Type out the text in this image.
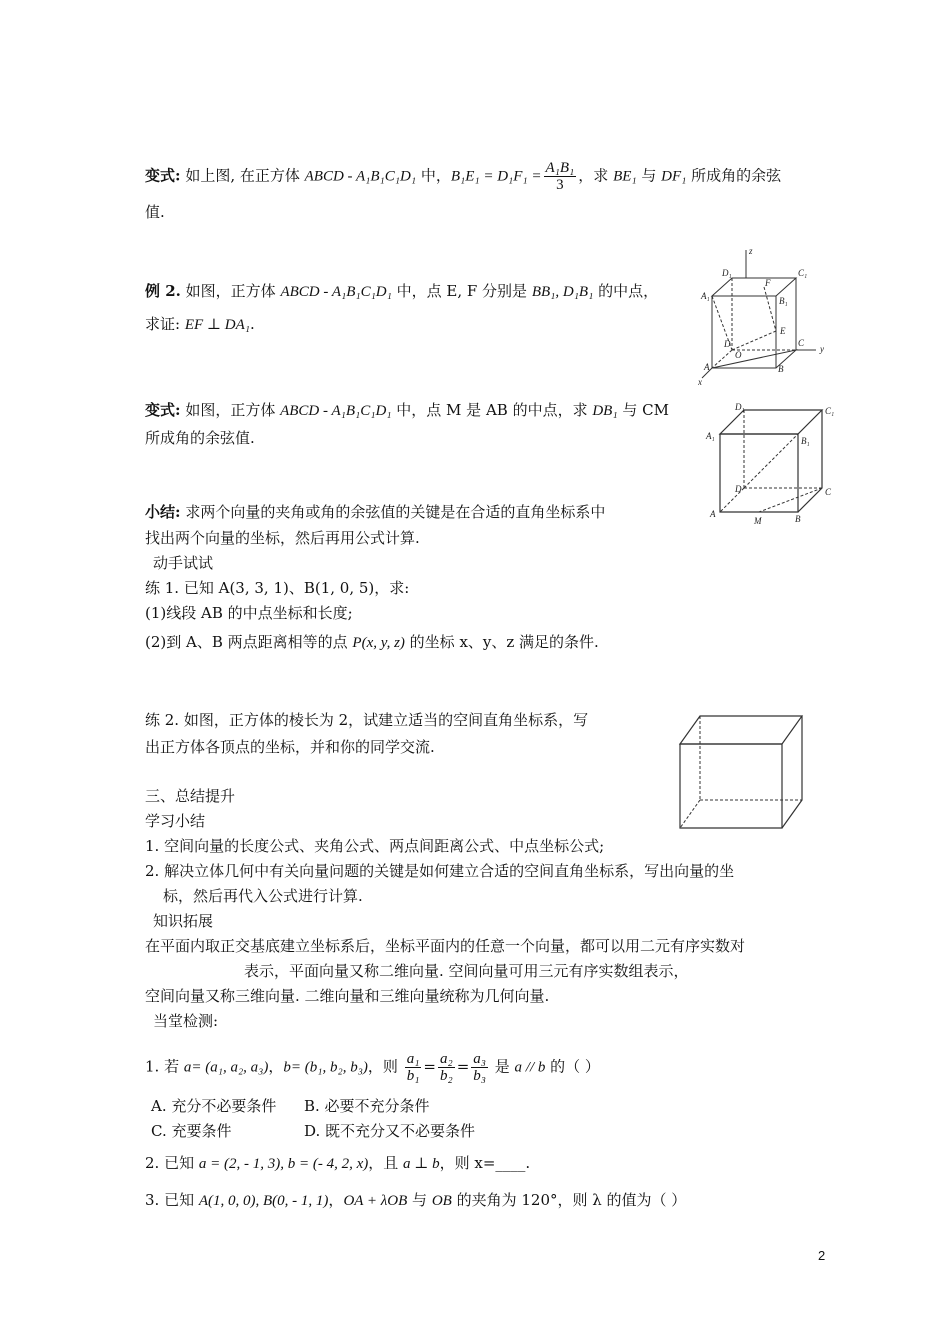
变式: 如上图, 在正方体 ABCD - A₁B₁C₁D₁ 中，$B_1E_1 = D_1F_1 = \frac{\text{A₁B₁}}{3}$ ，求 BE₁ 与 DF₁ 所成角的余弦
值.
例 2. 如图，正方体 ABCD - A₁B₁C₁D₁ 中，点 E, F 分别是 BB₁, D₁B₁ 的中点，
求证: EF ⊥ DA₁.
z
D₁	C₁
A₁	B₁
F
E
D
O
C
y
A	B
x
变式: 如图，正方体 ABCD - A₁B₁C₁D₁ 中，点 M 是 AB 的中点，求 DB₁ 与 CM
所成角的余弦值.
D₁	C₁
A₁	B₁
D	C
A
M	B
小结: 求两个向量的夹角或角的余弦值的关键是在合适的直角坐标系中
找出两个向量的坐标，然后再用公式计算.
动手试试
练 1. 已知 A(3, 3, 1)、B(1, 0, 5)，求:
(1)线段 AB 的中点坐标和长度;
(2)到 A、B 两点距离相等的点 P(x, y, z) 的坐标 x、y、z 满足的条件.
练 2. 如图，正方体的棱长为 2，试建立适当的空间直角坐标系，写
出正方体各顶点的坐标，并和你的同学交流.
三、总结提升
学习小结
1. 空间向量的长度公式、夹角公式、两点间距离公式、中点坐标公式;
2. 解决立体几何中有关向量问题的关键是如何建立合适的空间直角坐标系，写出向量的坐
标，然后再代入公式进行计算.
知识拓展
在平面内取正交基底建立坐标系后，坐标平面内的任意一个向量，都可以用二元有序实数对
表示，平面向量又称二维向量. 空间向量可用三元有序实数组表示，
空间向量又称三维向量. 二维向量和三维向量统称为几何向量.
当堂检测:
1. 若 a= (a₁, a₂, a₃)，b= (b₁, b₂, b₃)，则 $\frac{\text{a₁}}{\text{b₁}} = \frac{\text{a₂}}{\text{b₂}} = \frac{\text{a₃}}{\text{b₃}}$ 是 a // b 的（ ）
A. 充分不必要条件 B. 必要不充分条件
C. 充要条件	D. 既不充分又不必要条件
2. 已知 a = (2, - 1, 3), b = (- 4, 2, x)，且 a ⊥ b，则 x=____.
3. 已知 A(1, 0, 0), B(0, - 1, 1)，OA + λOB 与 OB 的夹角为 120°，则 λ 的值为（ ）
2
